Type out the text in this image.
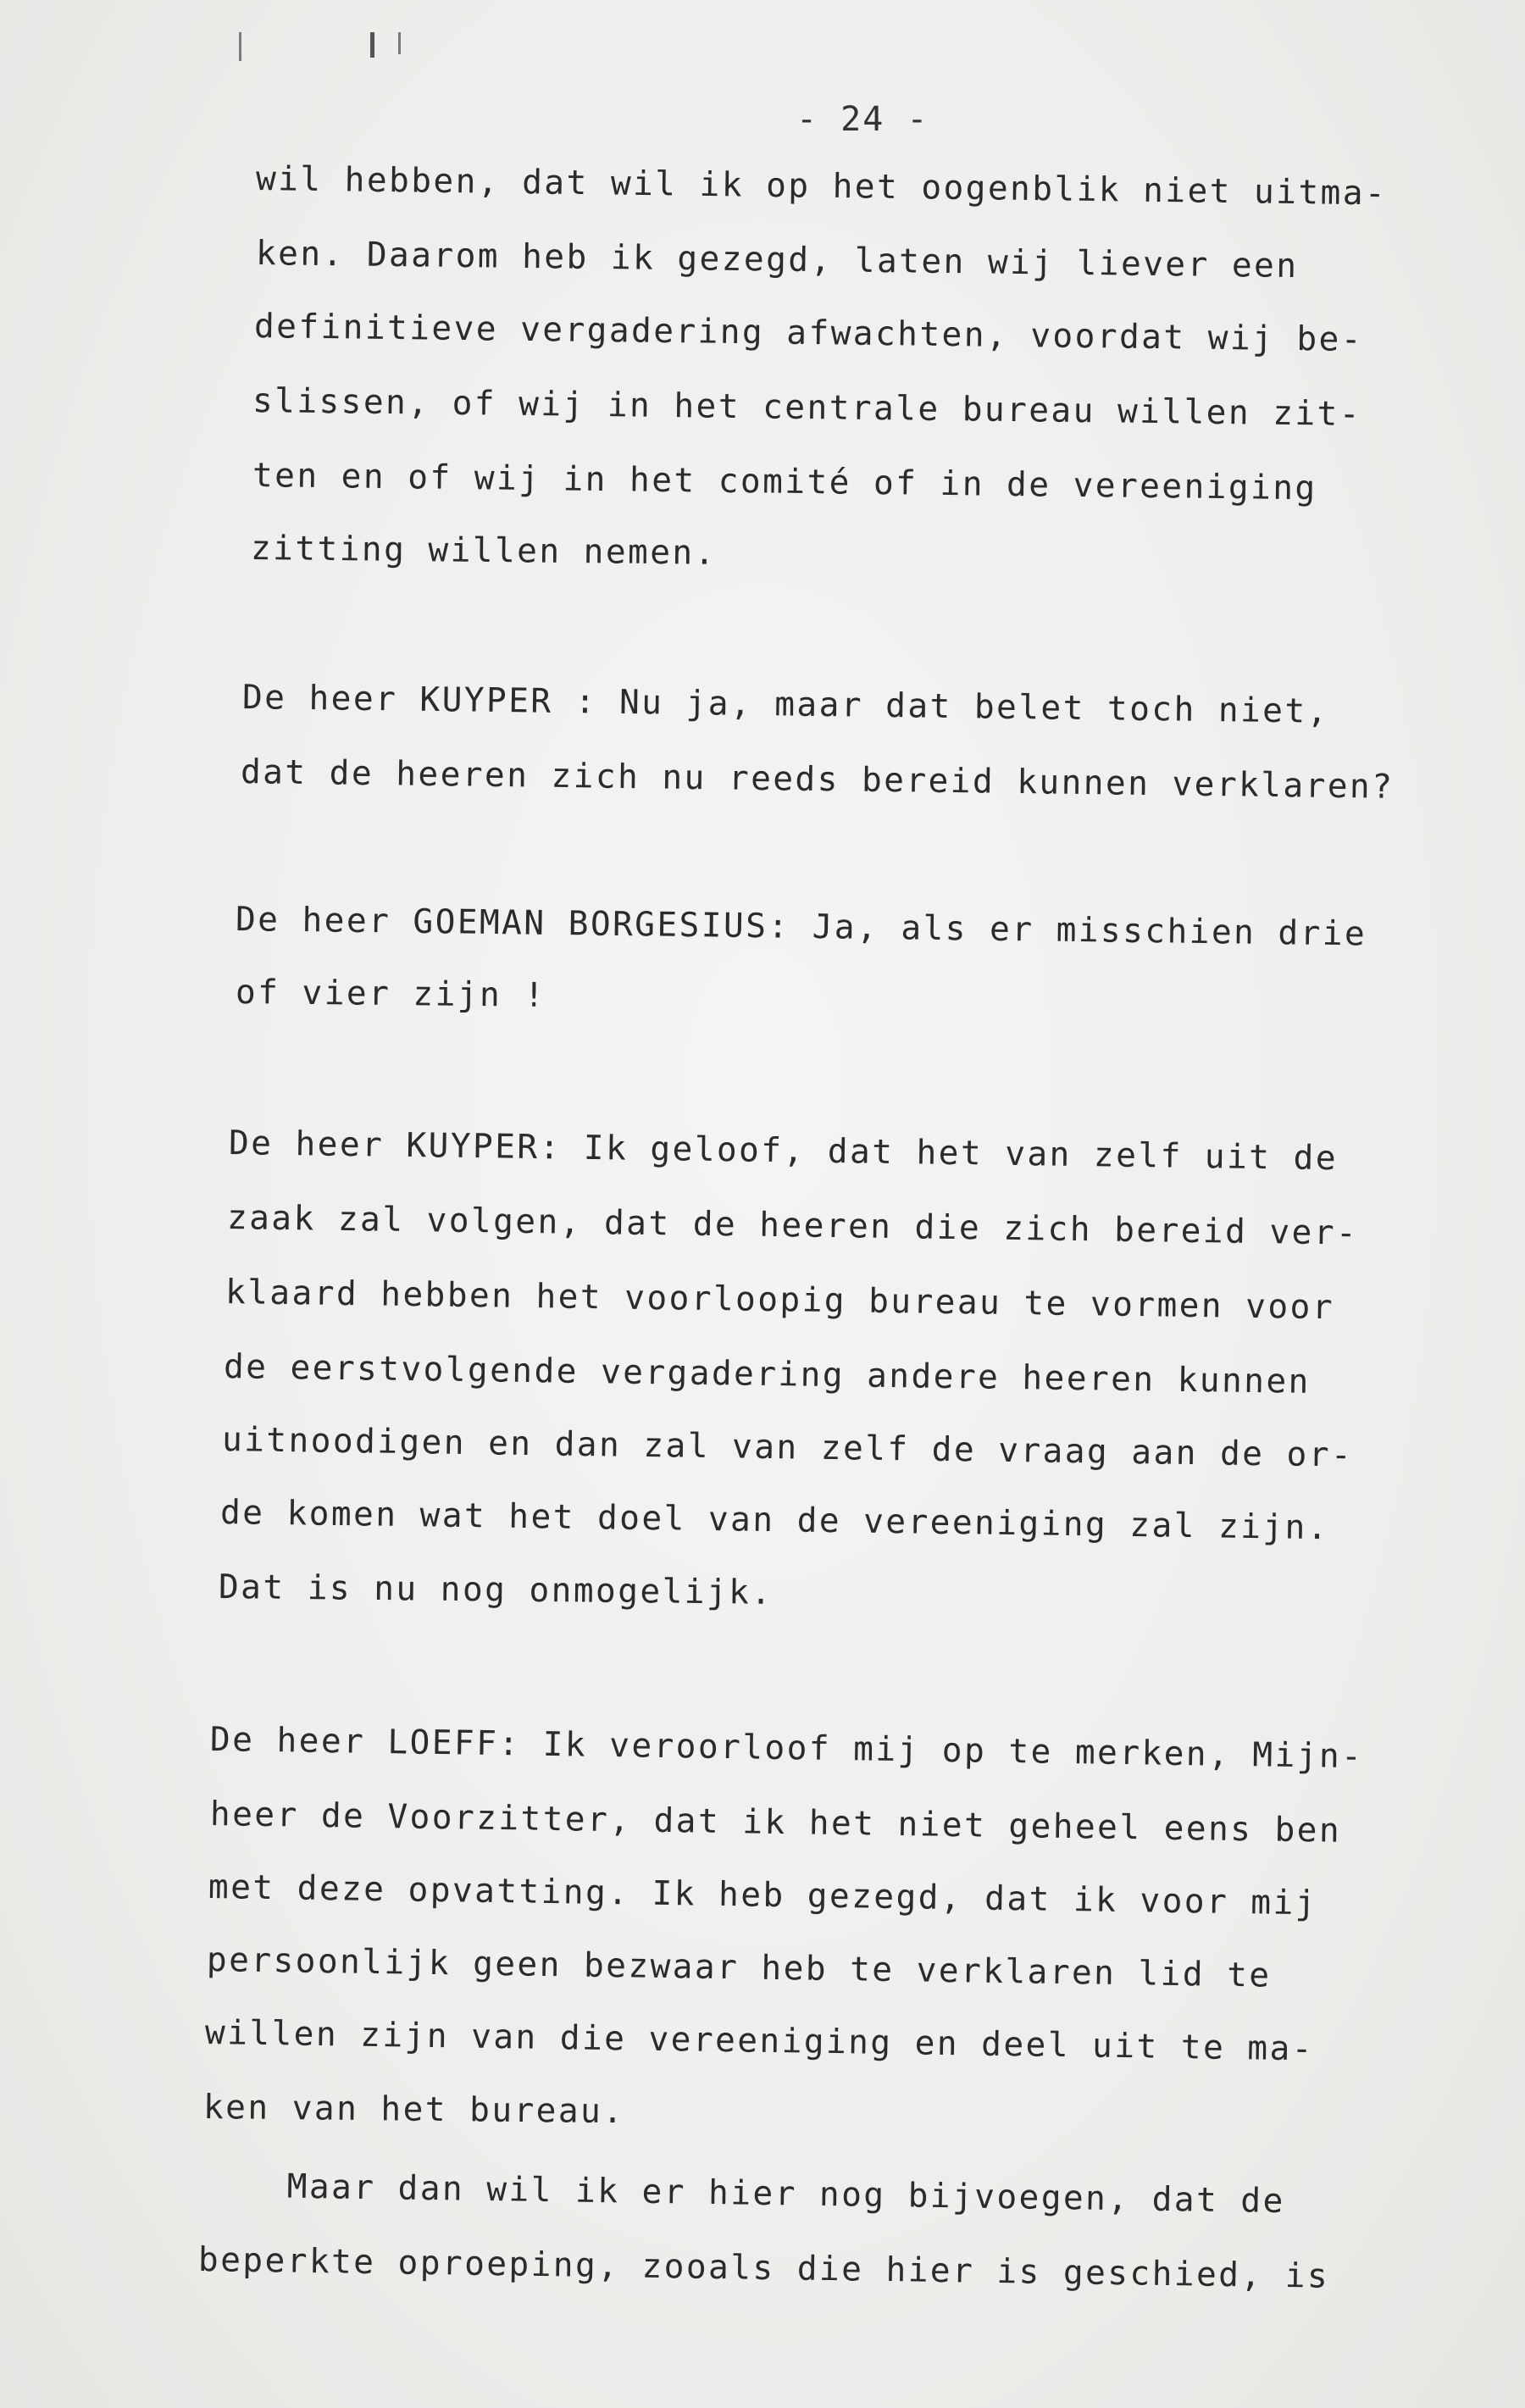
- 24 -
wil hebben, dat wil ik op het oogenblik niet uitma-
ken. Daarom heb ik gezegd, laten wij liever een
definitieve vergadering afwachten, voordat wij be-
slissen, of wij in het centrale bureau willen zit-
ten en of wij in het comité of in de vereeniging
zitting willen nemen.
De heer KUYPER : Nu ja, maar dat belet toch niet,
dat de heeren zich nu reeds bereid kunnen verklaren?
De heer GOEMAN BORGESIUS: Ja, als er misschien drie
of vier zijn !
De heer KUYPER: Ik geloof, dat het van zelf uit de
zaak zal volgen, dat de heeren die zich bereid ver-
klaard hebben het voorloopig bureau te vormen voor
de eerstvolgende vergadering andere heeren kunnen
uitnoodigen en dan zal van zelf de vraag aan de or-
de komen wat het doel van de vereeniging zal zijn.
Dat is nu nog onmogelijk.
De heer LOEFF: Ik veroorloof mij op te merken, Mijn-
heer de Voorzitter, dat ik het niet geheel eens ben
met deze opvatting. Ik heb gezegd, dat ik voor mij
persoonlijk geen bezwaar heb te verklaren lid te
willen zijn van die vereeniging en deel uit te ma-
ken van het bureau.
Maar dan wil ik er hier nog bijvoegen, dat de
beperkte oproeping, zooals die hier is geschied, is
